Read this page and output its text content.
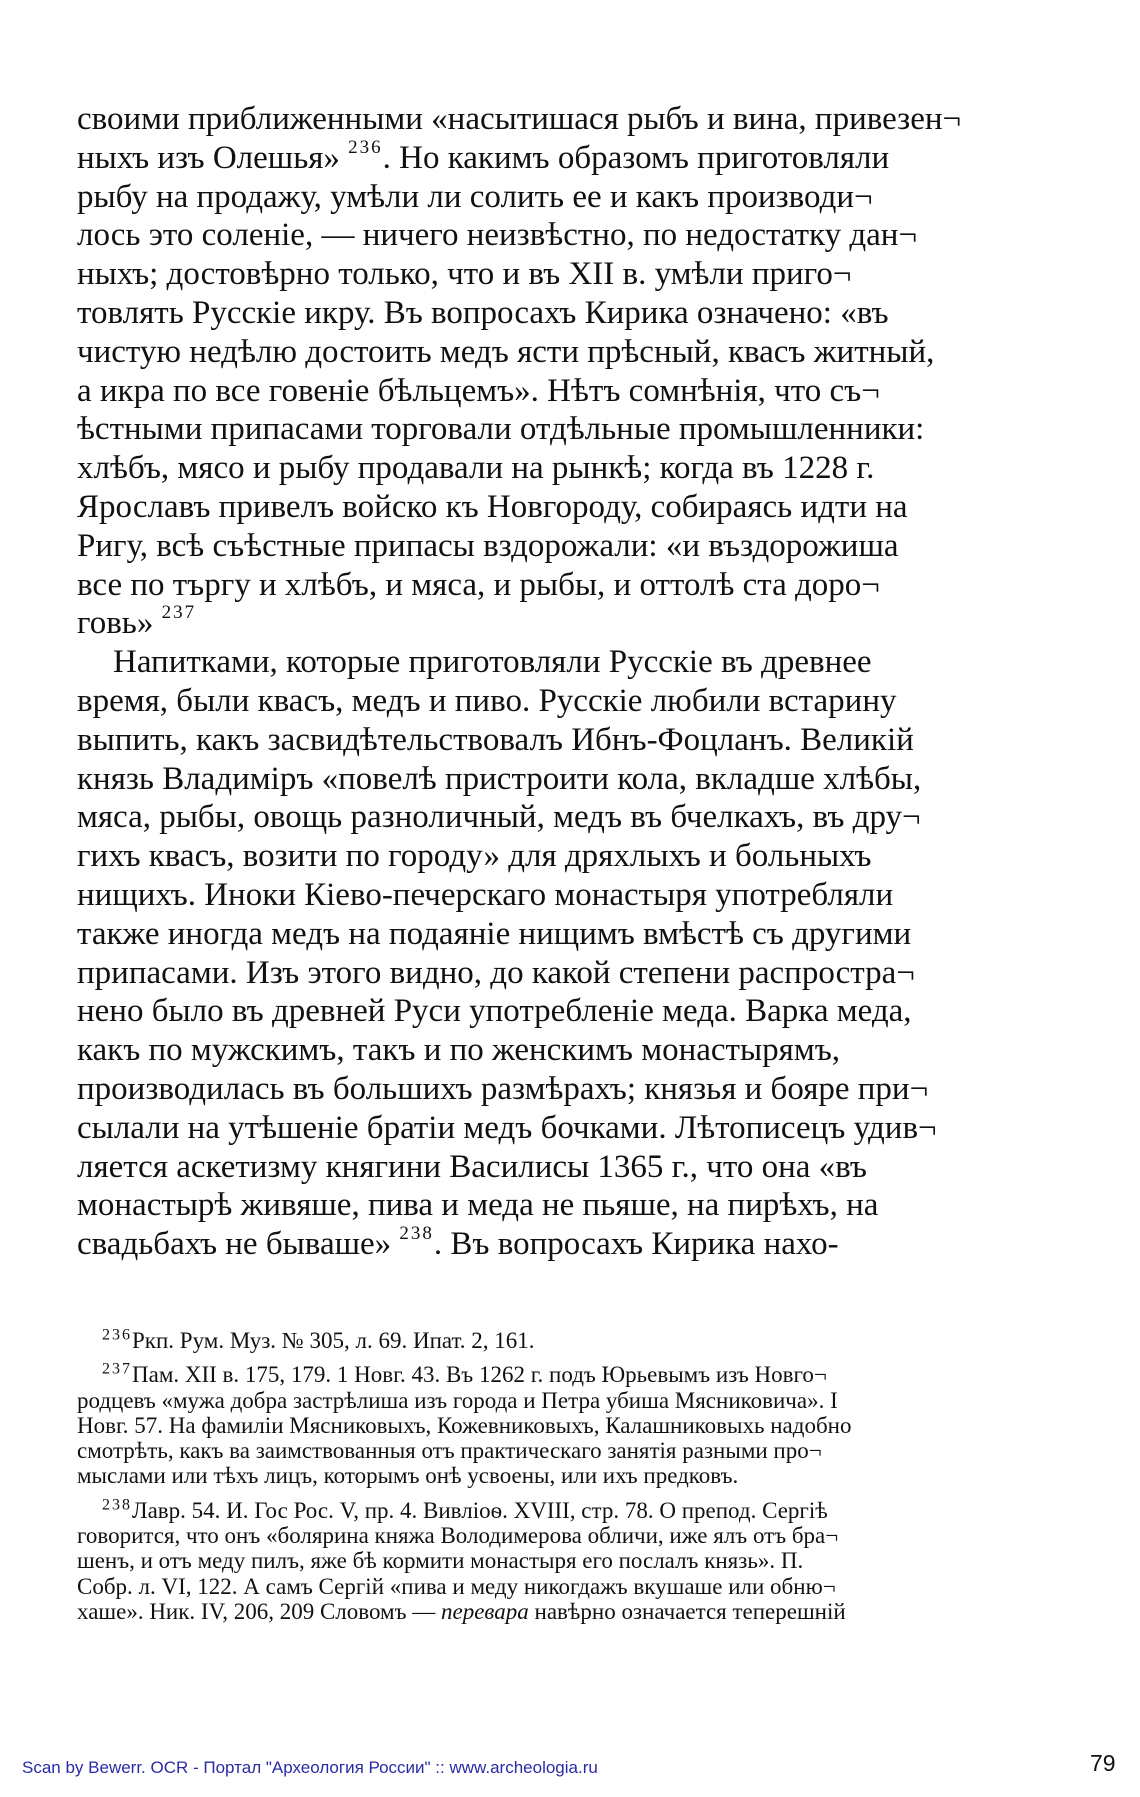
своими приближенными «насытишася рыбъ и вина, привезен¬
ныхъ изъ Олешья» $^{236}$. Но какимъ образомъ приготовляли
рыбу на продажу, умѣли ли солить ее и какъ производи¬
лось это соленіе, — ничего неизвѣстно, по недостатку дан¬
ныхъ; достовѣрно только, что и въ XII в. умѣли приго¬
товлять Русскіе икру. Въ вопросахъ Кирика означено: «въ
чистую недѣлю достоить медъ ясти прѣсный, квасъ житный,
а икра по все говеніе бѣльцемъ». Нѣтъ сомнѣнія, что съ¬
ѣстными припасами торговали отдѣльные промышленники:
хлѣбъ, мясо и рыбу продавали на рынкѣ; когда въ 1228 г.
Ярославъ привелъ войско къ Новгороду, собираясь идти на
Ригу, всѣ съѣстные припасы вздорожали: «и въздорожиша
все по търгу и хлѣбъ, и мяса, и рыбы, и оттолѣ ста доро¬
говь» $^{237}$
Напитками, которые приготовляли Русскіе въ древнее
время, были квасъ, медъ и пиво. Русскіе любили встарину
выпить, какъ засвидѣтельствовалъ Ибнъ-Фоцланъ. Великій
князь Владиміръ «повелѣ пристроити кола, вкладше хлѣбы,
мяса, рыбы, овощь разноличный, медъ въ бчелкахъ, въ дру¬
гихъ квасъ, возити по городу» для дряхлыхъ и больныхъ
нищихъ. Иноки Кіево-печерскаго монастыря употребляли
также иногда медъ на подаяніе нищимъ вмѣстѣ съ другими
припасами. Изъ этого видно, до какой степени распростра¬
нено было въ древней Руси употребленіе меда. Варка меда,
какъ по мужскимъ, такъ и по женскимъ монастырямъ,
производилась въ большихъ размѣрахъ; князья и бояре при¬
сылали на утѣшеніе братіи медъ бочками. Лѣтописецъ удив¬
ляется аскетизму княгини Василисы 1365 г., что она «въ
монастырѣ живяше, пива и меда не пьяше, на пирѣхъ, на
свадьбахъ не бываше» $^{238}$. Въ вопросахъ Кирика нахо-
$^{236}$Ркп. Рум. Муз. № 305, л. 69. Ипат. 2, 161.
$^{237}$Пам. XII в. 175, 179. 1 Новг. 43. Въ 1262 г. подъ Юрьевымъ изъ Новго¬
родцевъ «мужа добра застрѣлиша изъ города и Петра убиша Мясниковича». I
Новг. 57. На фамиліи Мясниковыхъ, Кожевниковыхъ, Калашниковыхь надобно
смотрѣть, какъ ва заимствованныя отъ практическаго занятія разными про¬
мыслами или тѣхъ лицъ, которымъ онѣ усвоены, или ихъ предковъ.
$^{238}$Лавр. 54. И. Гос Рос. V, пр. 4. Вивліоѳ. XVIII, стр. 78. О препод. Сергіѣ
говорится, что онъ «болярина княжа Володимерова обличи, иже ялъ отъ бра¬
шенъ, и отъ меду пилъ, яже бѣ кормити монастыря его послалъ князь». П.
Собр. л. VI, 122. А самъ Сергій «пива и меду никогдажъ вкушаше или обню¬
хаше». Ник. IV, 206, 209 Словомъ — перевара навѣрно означается теперешній
Scan by Bewerr. OCR - Портал "Археология России" :: www.archeologia.ru	79
